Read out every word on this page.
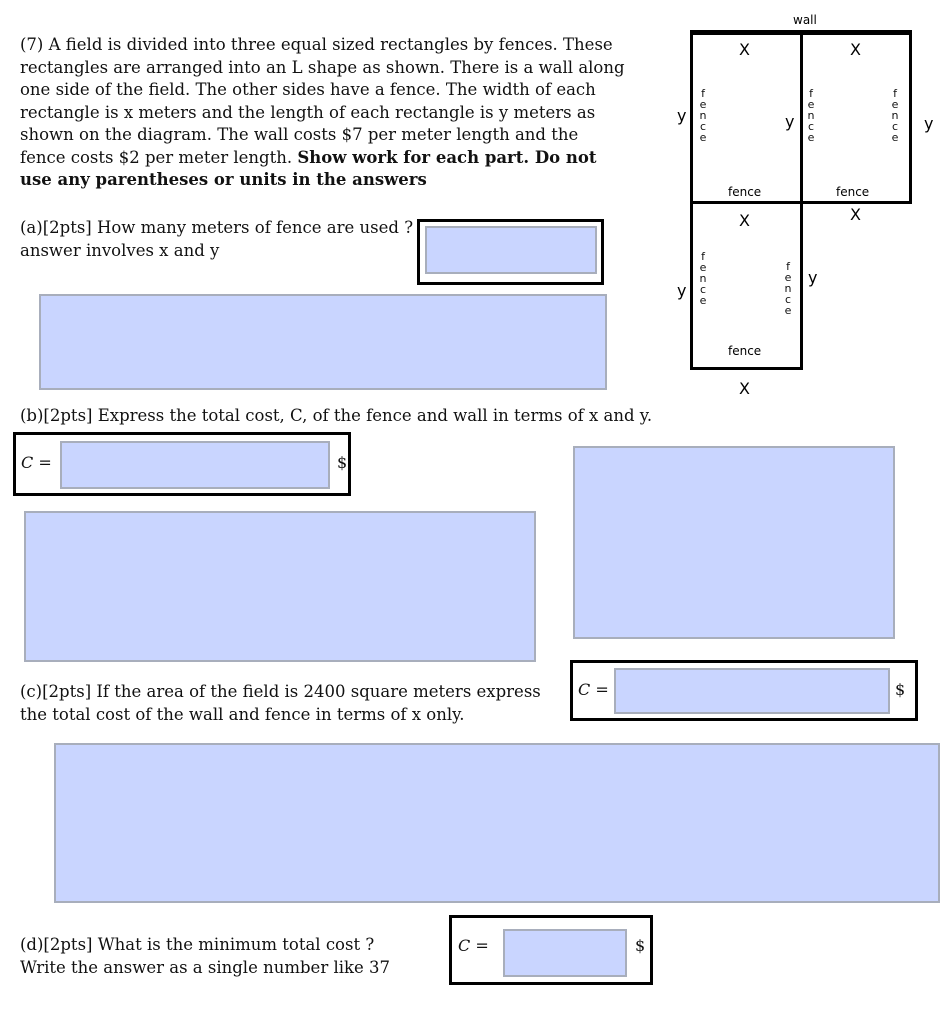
(7) A field is divided into three equal sized rectangles by fences. These
rectangles are arranged into an L shape as shown. There is a wall along
one side of the field. The other sides have a fence. The width of each
rectangle is x meters and the length of each rectangle is y meters as
shown on the diagram. The wall costs $7 per meter length and the
fence costs $2 per meter length. Show work for each part. Do not
use any parentheses or units in the answers
(a)[2pts] How many meters of fence are used ?
answer involves x and y
(b)[2pts] Express the total cost, C, of the fence and wall in terms of x and y.
C =	$
(c)[2pts] If the area of the field is 2400 square meters express
the total cost of the wall and fence in terms of x only.
C =	$
(d)[2pts] What is the minimum total cost ?
Write the answer as a single number like 37
C =	$
wall
X	X
X	X
X
y	y	y
y
y
fence	fence
fence
f
e
n
c
e
f
e
n
c
e
f
e
n
c
e
f
e
n
c
e
f
e
n
c
e
